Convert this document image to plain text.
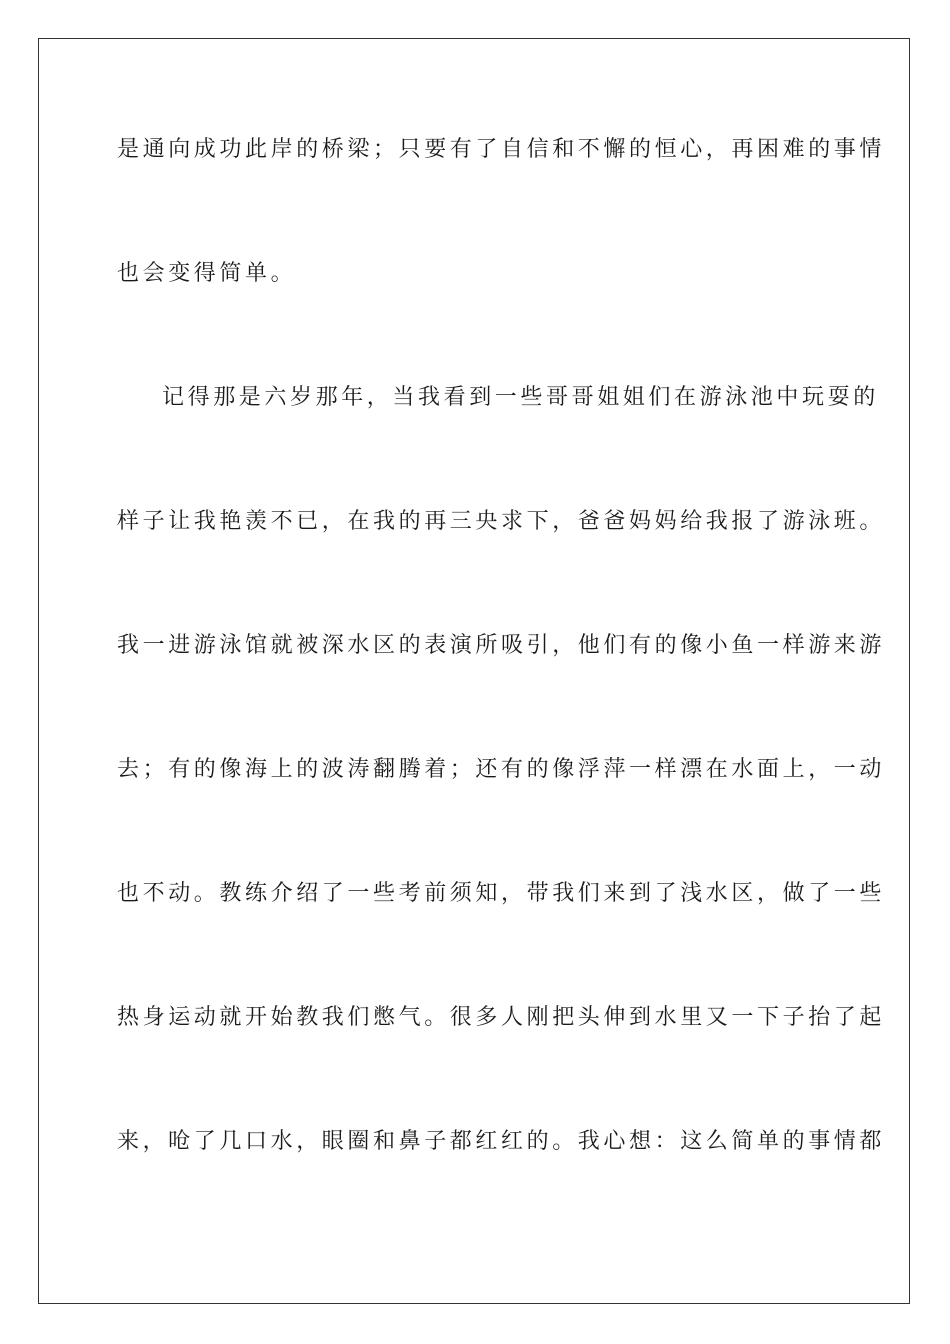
是通向成功此岸的桥梁；只要有了自信和不懈的恒心，再困难的事情
也会变得简单。
记得那是六岁那年，当我看到一些哥哥姐姐们在游泳池中玩耍的
样子让我艳羡不已，在我的再三央求下，爸爸妈妈给我报了游泳班。
我一进游泳馆就被深水区的表演所吸引，他们有的像小鱼一样游来游
去；有的像海上的波涛翻腾着；还有的像浮萍一样漂在水面上，一动
也不动。教练介绍了一些考前须知，带我们来到了浅水区，做了一些
热身运动就开始教我们憋气。很多人刚把头伸到水里又一下子抬了起
来，呛了几口水，眼圈和鼻子都红红的。我心想：这么简单的事情都
